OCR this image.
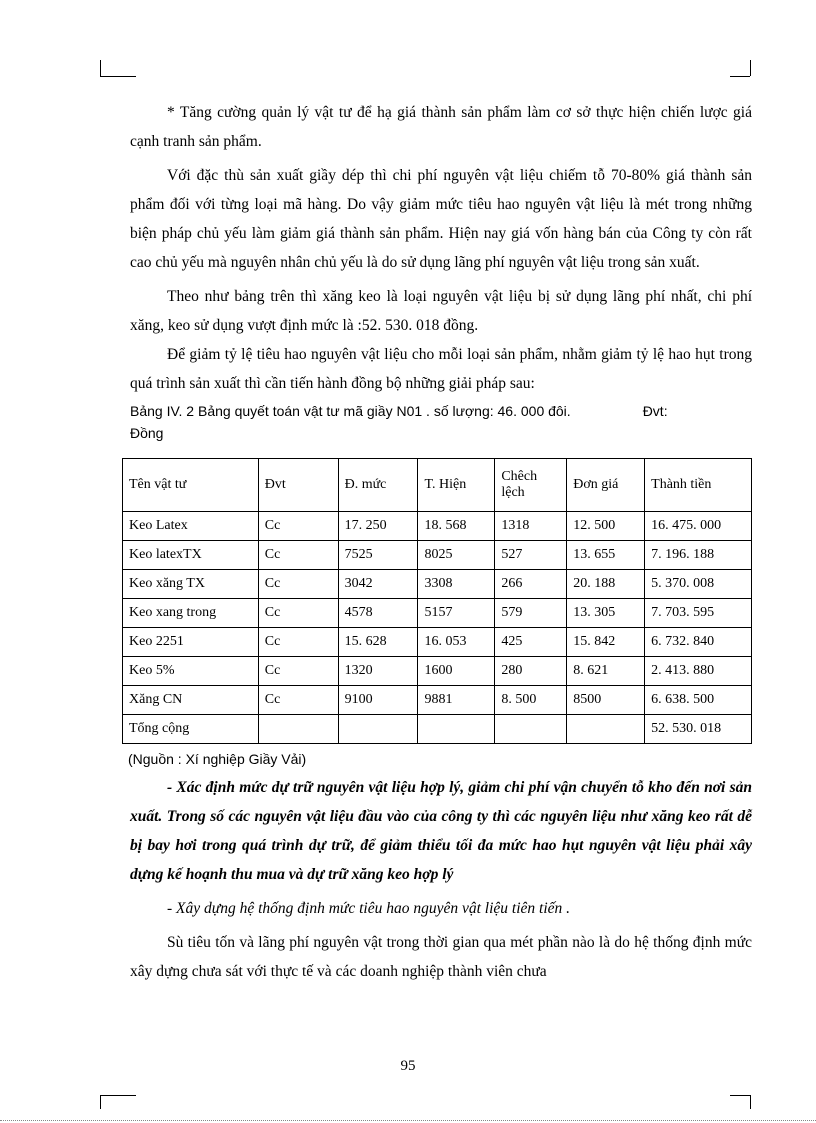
* Tăng cường quản lý vật tư để hạ giá thành sản phẩm làm cơ sở thực hiện chiến lược giá cạnh tranh sản phẩm.

Với đặc thù sản xuất giầy dép thì chi phí nguyên vật liệu chiếm tỗ 70-80% giá thành sản phẩm đối với từng loại mã hàng. Do vậy giảm mức tiêu hao nguyên vật liệu là mét trong những biện pháp chủ yếu làm giảm giá thành sản phẩm. Hiện nay giá vốn hàng bán của Công ty còn rất cao chủ yếu mà nguyên nhân chủ yếu là do sử dụng lãng phí nguyên vật liệu trong sản xuất.

Theo như bảng trên thì xăng keo là loại nguyên vật liệu bị sử dụng lãng phí nhất, chi phí xăng, keo sử dụng vượt định mức là :52. 530. 018 đồng.

Để giảm tỷ lệ tiêu hao nguyên vật liệu cho mỗi loại sản phẩm, nhằm giảm tỷ lệ hao hụt trong quá trình sản xuất thì cần tiến hành đồng bộ những giải pháp sau:

Bảng IV. 2 Bảng quyết toán vật tư mã giầy N01 . số lượng: 46. 000 đôi.	Đvt:
Đồng
Tên vật tư	Đvt	Đ. mức	T. Hiện	Chêch lệch	Đơn giá	Thành tiền
Keo Latex	Cc	17. 250	18. 568	1318	12. 500	16. 475. 000
Keo latexTX	Cc	7525	8025	527	13. 655	7. 196. 188
Keo xăng TX	Cc	3042	3308	266	20. 188	5. 370. 008
Keo xang trong	Cc	4578	5157	579	13. 305	7. 703. 595
Keo 2251	Cc	15. 628	16. 053	425	15. 842	6. 732. 840
Keo 5%	Cc	1320	1600	280	8. 621	2. 413. 880
Xăng CN	Cc	9100	9881	8. 500	8500	6. 638. 500
Tổng cộng						52. 530. 018
(Nguồn : Xí nghiệp Giầy Vải)

- Xác định mức dự trữ nguyên vật liệu hợp lý, giảm chi phí vận chuyển tỗ kho đến nơi sản xuất. Trong số các nguyên vật liệu đầu vào của công ty thì các nguyên liệu như xăng keo rất dễ bị bay hơi trong quá trình dự trữ, để giảm thiểu tối đa mức hao hụt nguyên vật liệu phải xây dựng kế hoạnh thu mua và dự trữ xăng keo hợp lý

- Xây dựng hệ thống định mức tiêu hao nguyên vật liệu tiên tiến .

Sù tiêu tốn và lãng phí nguyên vật trong thời gian qua mét phần nào là do hệ thống định mức xây dựng chưa sát với thực tế và các doanh nghiệp thành viên chưa

95
